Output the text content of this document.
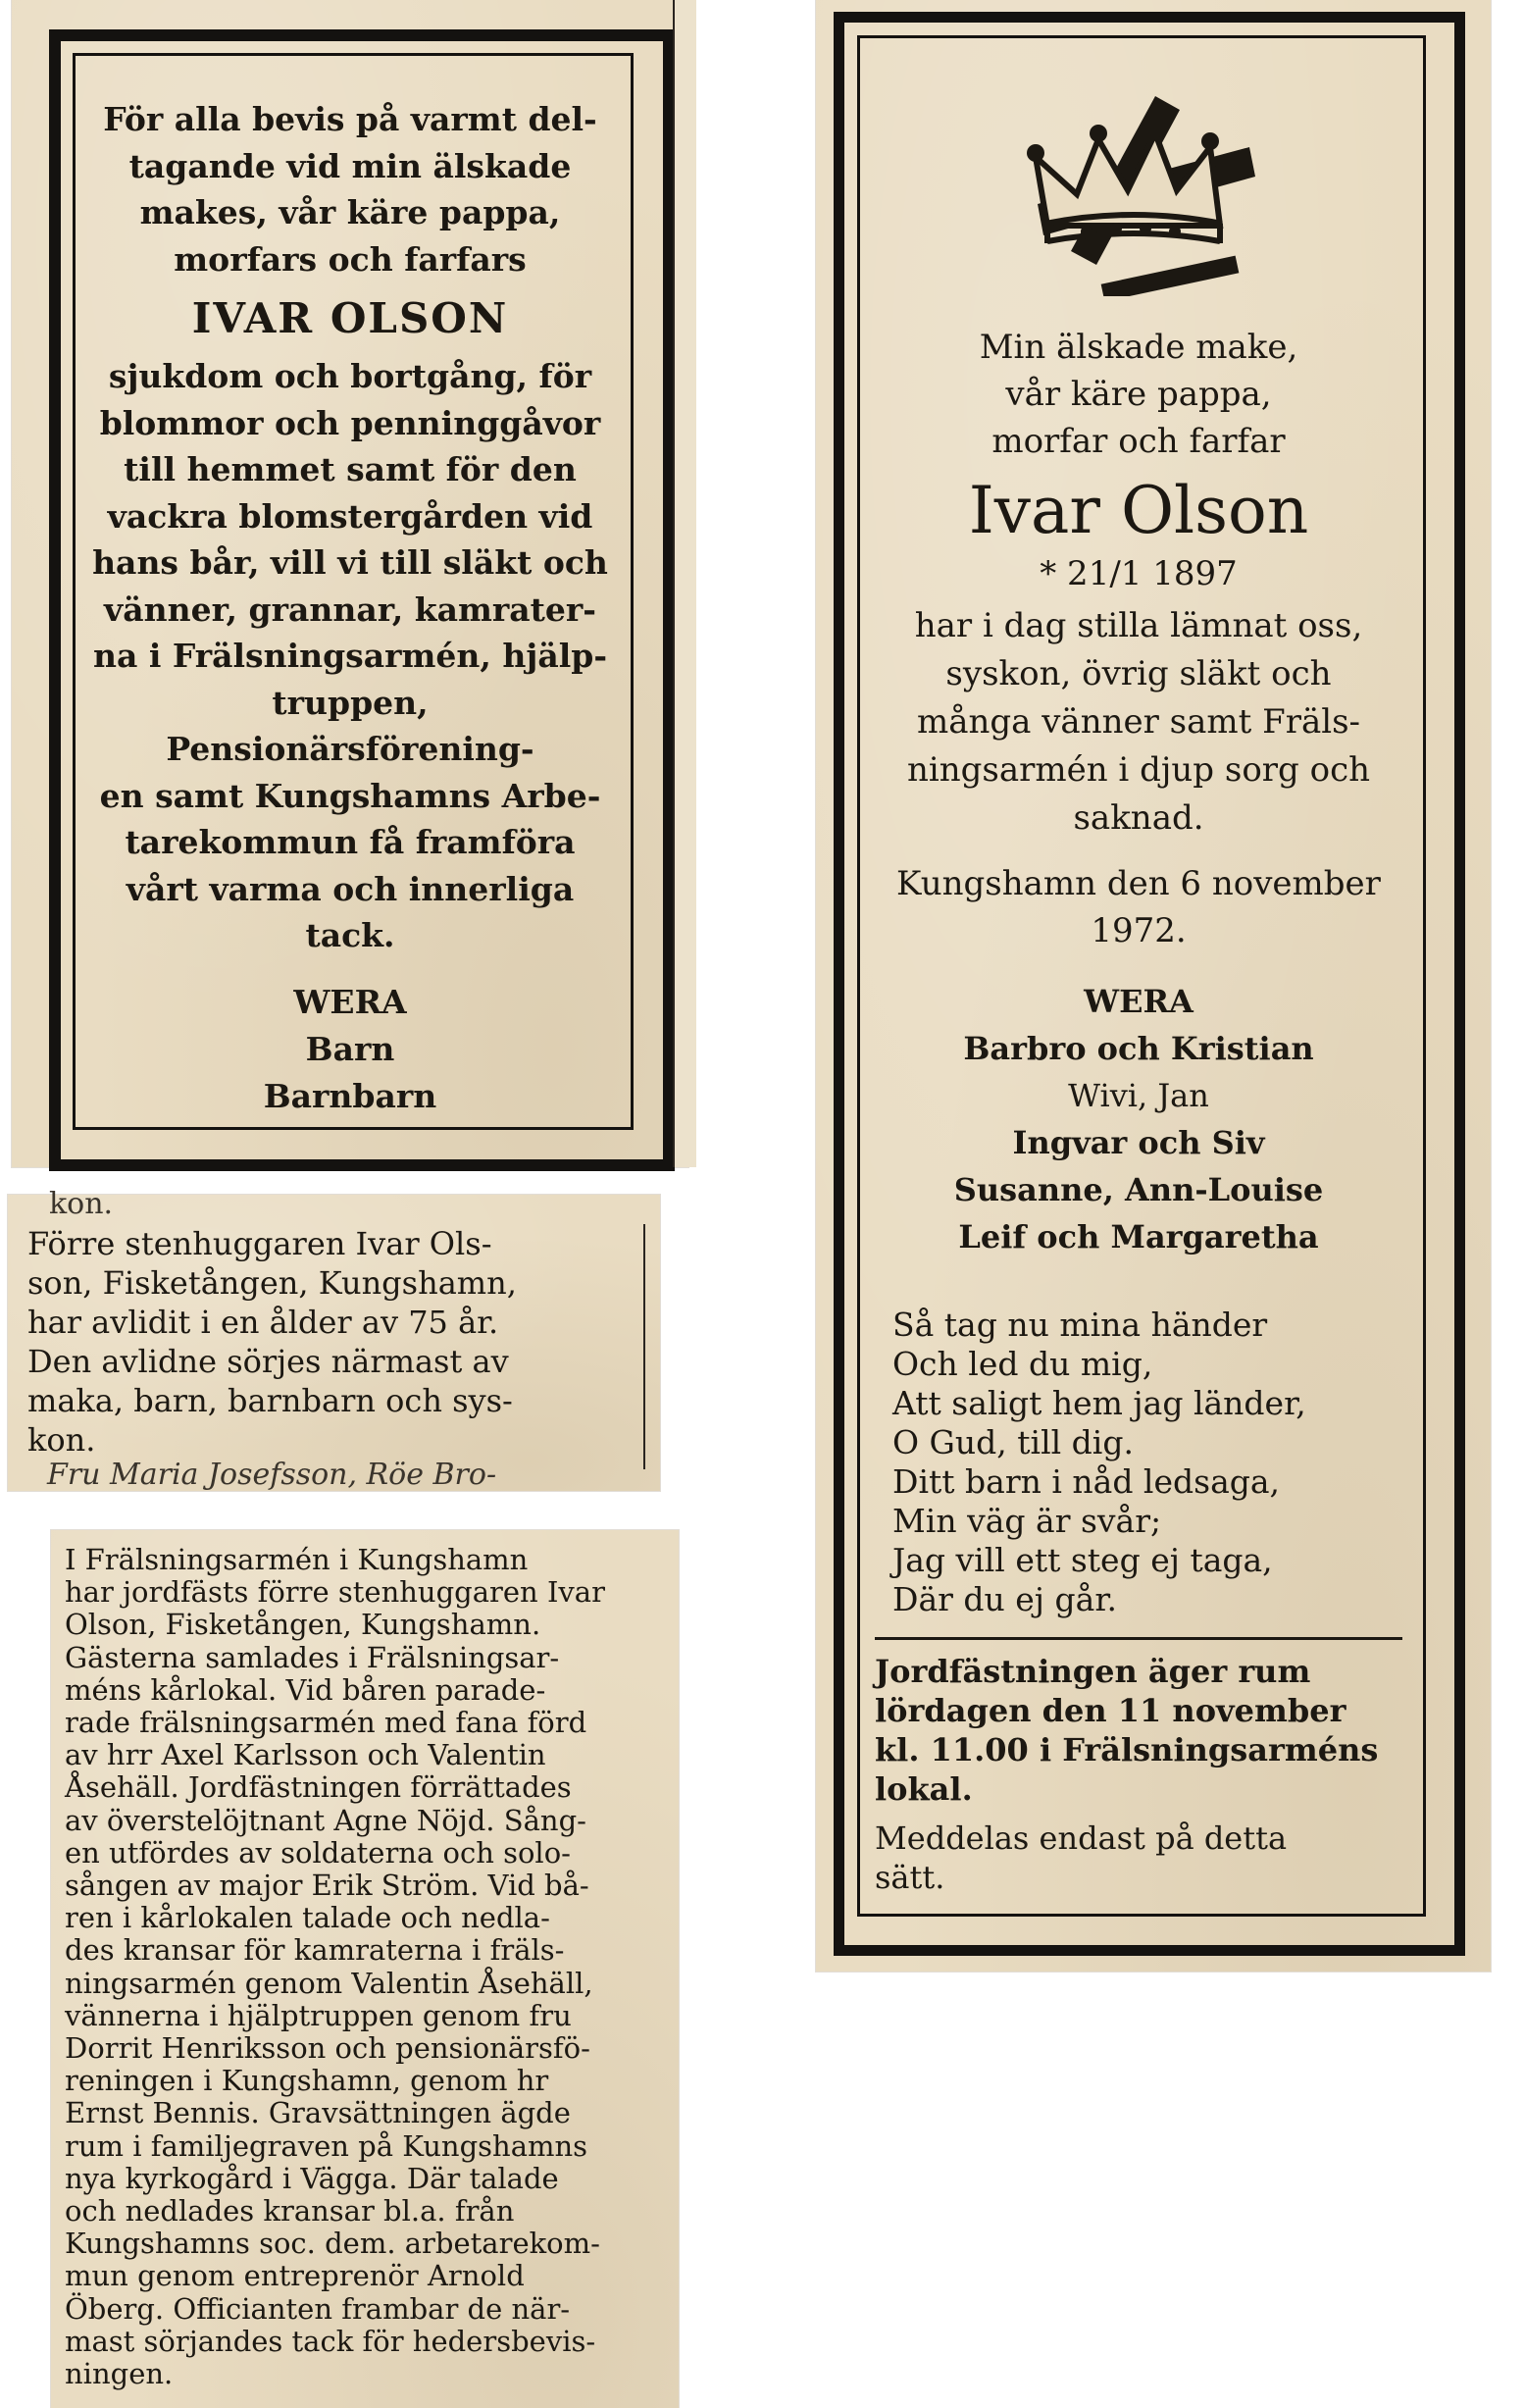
För alla bevis på varmt del-
tagande vid min älskade
makes, vår käre pappa,
morfars och farfars
IVAR OLSON
sjukdom och bortgång, för
blommor och penninggåvor
till hemmet samt för den
vackra blomstergården vid
hans bår, vill vi till släkt och
vänner, grannar, kamrater-
na i Frälsningsarmén, hjälp-
truppen, Pensionärsförening-
en samt Kungshamns Arbe-
tarekommun få framföra
vårt varma och innerliga
tack.
WERA
Barn
Barnbarn
kon.
Förre stenhuggaren Ivar Ols-
son, Fisketången, Kungshamn,
har avlidit i en ålder av 75 år.
Den avlidne sörjes närmast av
maka, barn, barnbarn och sys-
kon.
Fru Maria Josefsson, Röe Bro-
I Frälsningsarmén i Kungshamn
har jordfästs förre stenhuggaren Ivar
Olson, Fisketången, Kungshamn.
Gästerna samlades i Frälsningsar-
méns kårlokal. Vid båren parade-
rade frälsningsarmén med fana förd
av hrr Axel Karlsson och Valentin
Åsehäll. Jordfästningen förrättades
av överstelöjtnant Agne Nöjd. Sång-
en utfördes av soldaterna och solo-
sången av major Erik Ström. Vid bå-
ren i kårlokalen talade och nedla-
des kransar för kamraterna i fräls-
ningsarmén genom Valentin Åsehäll,
vännerna i hjälptruppen genom fru
Dorrit Henriksson och pensionärsfö-
reningen i Kungshamn, genom hr
Ernst Bennis. Gravsättningen ägde
rum i familjegraven på Kungshamns
nya kyrkogård i Vägga. Där talade
och nedlades kransar bl.a. från
Kungshamns soc. dem. arbetarekom-
mun genom entreprenör Arnold
Öberg. Officianten frambar de när-
mast sörjandes tack för hedersbevis-
ningen.
Min älskade make,
vår käre pappa,
morfar och farfar
Ivar Olson
* 21/1 1897
har i dag stilla lämnat oss,
syskon, övrig släkt och
många vänner samt Fräls-
ningsarmén i djup sorg och
saknad.
Kungshamn den 6 november
1972.
WERA
Barbro och Kristian
Wivi, Jan
Ingvar och Siv
Susanne, Ann-Louise
Leif och Margaretha
Så tag nu mina händer
Och led du mig,
Att saligt hem jag länder,
O Gud, till dig.
Ditt barn i nåd ledsaga,
Min väg är svår;
Jag vill ett steg ej taga,
Där du ej går.
Jordfästningen äger rum
lördagen den 11 november
kl. 11.00 i Frälsningsarméns
lokal.
Meddelas endast på detta
sätt.
